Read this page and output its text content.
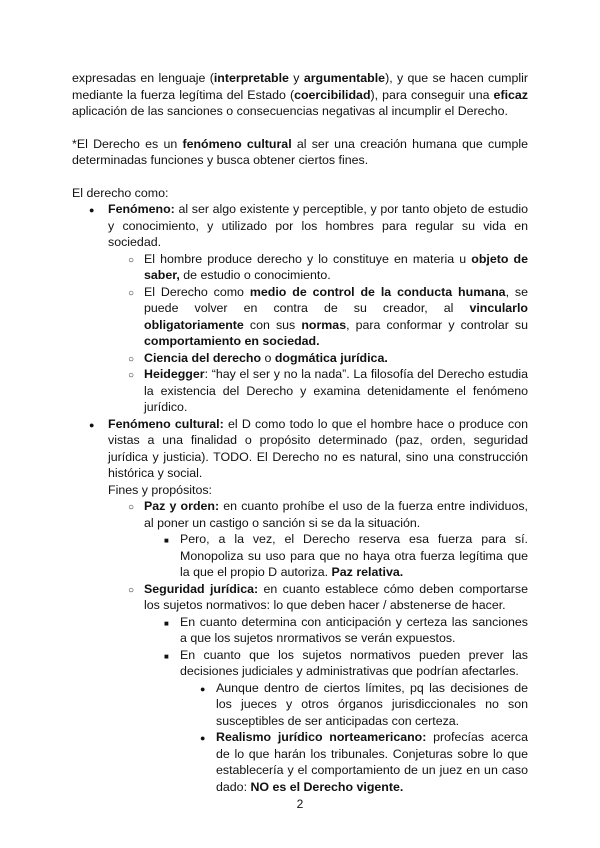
expresadas en lenguaje (interpretable y argumentable), y que se hacen cumplir mediante la fuerza legítima del Estado (coercibilidad), para conseguir una eficaz aplicación de las sanciones o consecuencias negativas al incumplir el Derecho.

*El Derecho es un fenómeno cultural al ser una creación humana que cumple determinadas funciones y busca obtener ciertos fines.

El derecho como:

●

Fenómeno: al ser algo existente y perceptible, y por tanto objeto de estudio y conocimiento, y utilizado por los hombres para regular su vida en sociedad.

○

El hombre produce derecho y lo constituye en materia u objeto de saber, de estudio o conocimiento.

○

El Derecho como medio de control de la conducta humana, se puede volver en contra de su creador, al vincularlo obligatoriamente con sus normas, para conformar y controlar su comportamiento en sociedad.

○

Ciencia del derecho o dogmática jurídica.

○

Heidegger: “hay el ser y no la nada”. La filosofía del Derecho estudia la existencia del Derecho y examina detenidamente el fenómeno jurídico.

●

Fenómeno cultural: el D como todo lo que el hombre hace o produce con vistas a una finalidad o propósito determinado (paz, orden, seguridad jurídica y justicia). TODO. El Derecho no es natural, sino una construcción histórica y social.

Fines y propósitos:

○

Paz y orden: en cuanto prohíbe el uso de la fuerza entre individuos, al poner un castigo o sanción si se da la situación.

■

Pero, a la vez, el Derecho reserva esa fuerza para sí. Monopoliza su uso para que no haya otra fuerza legítima que la que el propio D autoriza. Paz relativa.

○

Seguridad jurídica: en cuanto establece cómo deben comportarse los sujetos normativos: lo que deben hacer / abstenerse de hacer.

■

En cuanto determina con anticipación y certeza las sanciones a que los sujetos nrormativos se verán expuestos.

■

En cuanto que los sujetos normativos pueden prever las decisiones judiciales y administrativas que podrían afectarles.

●

Aunque dentro de ciertos límites, pq las decisiones de los jueces y otros órganos jurisdiccionales no son susceptibles de ser anticipadas con certeza.

●

Realismo jurídico norteamericano: profecías acerca de lo que harán los tribunales. Conjeturas sobre lo que establecería y el comportamiento de un juez en un caso dado: NO es el Derecho vigente.

2
